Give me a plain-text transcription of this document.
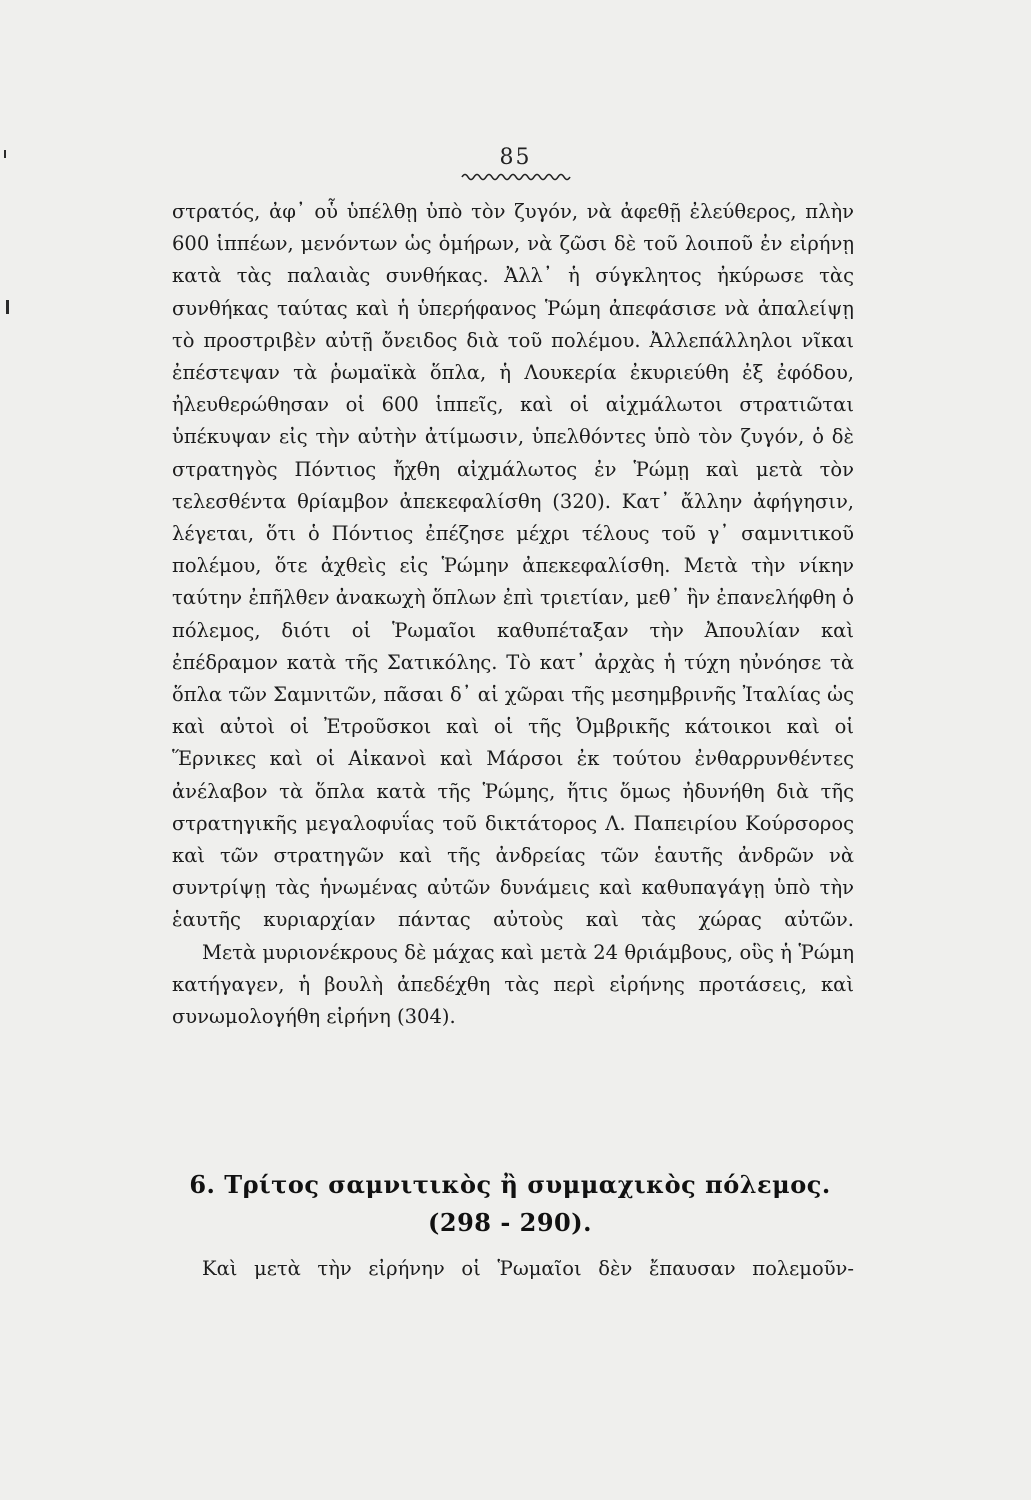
85

στρατός, ἀφ᾽ οὗ ὑπέλθῃ ὑπὸ τὸν ζυγόν, νὰ ἀφεθῇ ἐλεύθερος, πλὴν 600 ἱππέων, μενόντων ὡς ὁμήρων, νὰ ζῶσι δὲ τοῦ λοιποῦ ἐν εἰρήνῃ κατὰ τὰς παλαιὰς συνθήκας. Ἀλλ᾽ ἡ σύγκλητος ἠκύρωσε τὰς συνθήκας ταύτας καὶ ἡ ὑπερήφανος Ῥώμη ἀπεφάσισε νὰ ἀπαλείψῃ τὸ προστριβὲν αὐτῇ ὄνειδος διὰ τοῦ πολέμου. Ἀλλεπάλληλοι νῖκαι ἐπέστεψαν τὰ ῥωμαϊκὰ ὅπλα, ἡ Λουκερία ἐκυριεύθη ἐξ ἐφόδου, ἠλευθερώθησαν οἱ 600 ἱππεῖς, καὶ οἱ αἰχμάλωτοι στρατιῶται ὑπέκυψαν εἰς τὴν αὐτὴν ἀτίμωσιν, ὑπελθόντες ὑπὸ τὸν ζυγόν, ὁ δὲ στρατηγὸς Πόντιος ἤχθη αἰχμάλωτος ἐν Ῥώμῃ καὶ μετὰ τὸν τελεσθέντα θρίαμβον ἀπεκεφαλίσθη (320). Κατ᾽ ἄλλην ἀφήγησιν, λέγεται, ὅτι ὁ Πόντιος ἐπέζησε μέχρι τέλους τοῦ γ᾽ σαμνιτικοῦ πολέμου, ὅτε ἀχθεὶς εἰς Ῥώμην ἀπεκεφαλίσθη. Μετὰ τὴν νίκην ταύτην ἐπῆλθεν ἀνακωχὴ ὅπλων ἐπὶ τριετίαν, μεθ᾽ ἣν ἐπανελήφθη ὁ πόλεμος, διότι οἱ Ῥωμαῖοι καθυπέταξαν τὴν Ἀπουλίαν καὶ ἐπέδραμον κατὰ τῆς Σατικόλης. Τὸ κατ᾽ ἀρχὰς ἡ τύχη ηὐνόησε τὰ ὅπλα τῶν Σαμνιτῶν, πᾶσαι δ᾽ αἱ χῶραι τῆς μεσημβρινῆς Ἰταλίας ὡς καὶ αὐτοὶ οἱ Ἐτροῦσκοι καὶ οἱ τῆς Ὀμβρικῆς κάτοικοι καὶ οἱ Ἕρνικες καὶ οἱ Αἰκανοὶ καὶ Μάρσοι ἐκ τούτου ἐνθαρρυνθέντες ἀνέλαβον τὰ ὅπλα κατὰ τῆς Ῥώμης, ἥτις ὅμως ἠδυνήθη διὰ τῆς στρατηγικῆς μεγαλοφυΐας τοῦ δικτάτορος Λ. Παπειρίου Κούρσορος καὶ τῶν στρατηγῶν καὶ τῆς ἀνδρείας τῶν ἑαυτῆς ἀνδρῶν νὰ συντρίψῃ τὰς ἡνωμένας αὐτῶν δυνάμεις καὶ καθυπαγάγῃ ὑπὸ τὴν ἑαυτῆς κυριαρχίαν πάντας αὐτοὺς καὶ τὰς χώρας αὐτῶν.

Μετὰ μυριονέκρους δὲ μάχας καὶ μετὰ 24 θριάμβους, οὓς ἡ Ῥώμη κατήγαγεν, ἡ βουλὴ ἀπεδέχθη τὰς περὶ εἰρήνης προτάσεις, καὶ συνωμολογήθη εἰρήνη (304).

6. Τρίτος σαμνιτικὸς ἢ συμμαχικὸς πόλεμος.
(298 - 290).
Καὶ μετὰ τὴν εἰρήνην οἱ Ῥωμαῖοι δὲν ἔπαυσαν πολεμοῦν-
